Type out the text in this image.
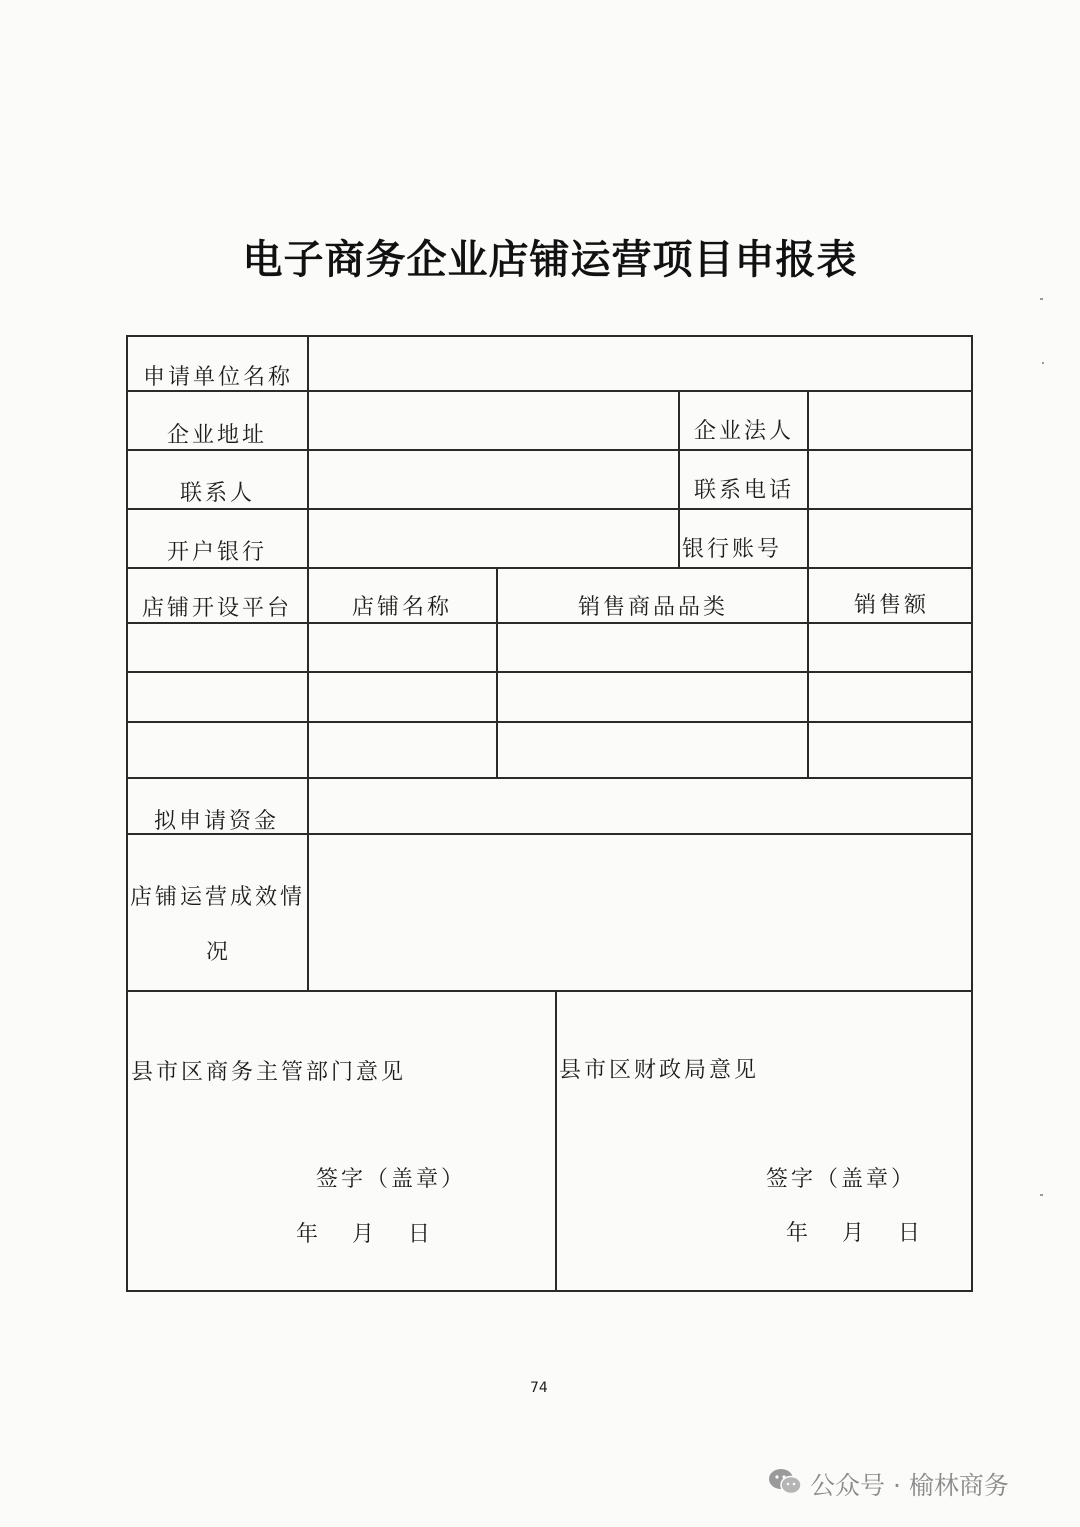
电子商务企业店铺运营项目申报表
申请单位名称
企业地址	企业法人
联系人	联系电话
开户银行	银行账号
店铺开设平台	店铺名称	销售商品品类	销售额
拟申请资金
店铺运营成效情
况
县市区商务主管部门意见	县市区财政局意见
签字（盖章）
年　月　日
签字（盖章）
年　月　日
74
公众号 · 榆林商务
